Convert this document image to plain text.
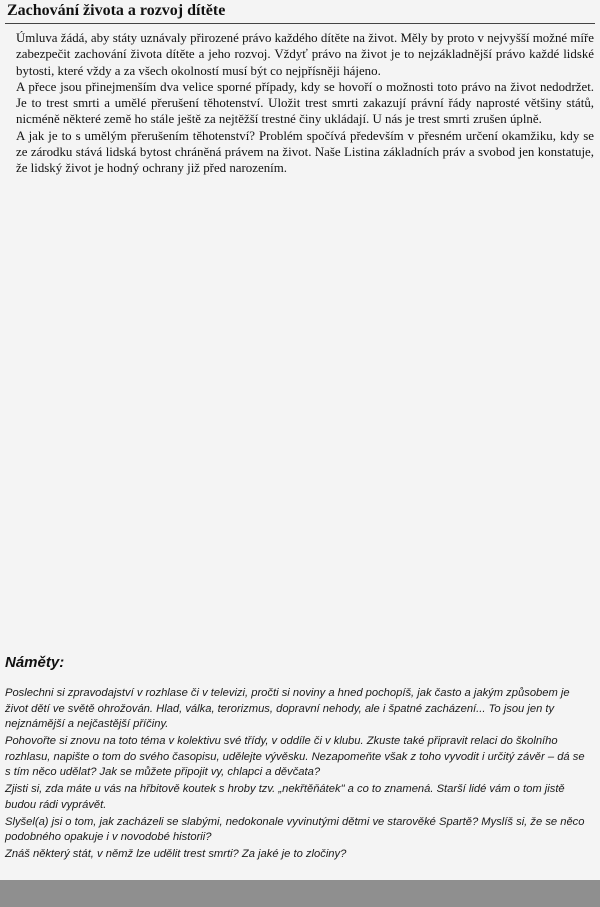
Zachování života a rozvoj dítěte

Úmluva žádá, aby státy uznávaly přirozené právo každého dítěte na život. Měly by proto v nejvyšší možné míře zabezpečit zachování života dítěte a jeho rozvoj. Vždyť právo na život je to nejzákladnější právo každé lidské bytosti, které vždy a za všech okolností musí být co nejpřísněji hájeno.

A přece jsou přinejmenším dva velice sporné případy, kdy se hovoří o možnosti toto právo na život nedodržet. Je to trest smrti a umělé přerušení těhotenství. Uložit trest smrti zakazují právní řády naprosté většiny států, nicméně některé země ho stále ještě za nejtěžší trestné činy ukládají. U nás je trest smrti zrušen úplně.

A jak je to s umělým přerušením těhotenství? Problém spočívá především v přesném určení okamžiku, kdy se ze zárodku stává lidská bytost chráněná právem na život. Naše Listina základních práv a svobod jen konstatuje, že lidský život je hodný ochrany již před narozením.

Náměty:

Poslechni si zpravodajství v rozhlase či v televizi, pročti si noviny a hned pochopíš, jak často a jakým způsobem je život dětí ve světě ohrožován. Hlad, válka, terorizmus, dopravní nehody, ale i špatné zacházení... To jsou jen ty nejznámější a nejčastější příčiny.

Pohovořte si znovu na toto téma v kolektivu své třídy, v oddíle či v klubu. Zkuste také připravit relaci do školního rozhlasu, napište o tom do svého časopisu, udělejte vývěsku. Nezapomeňte však z toho vyvodit i určitý závěr – dá se s tím něco udělat? Jak se můžete připojit vy, chlapci a děvčata?

Zjisti si, zda máte u vás na hřbitově koutek s hroby tzv. „nekřtěňátek" a co to znamená. Starší lidé vám o tom jistě budou rádi vyprávět.

Slyšel(a) jsi o tom, jak zacházeli se slabými, nedokonale vyvinutými dětmi ve starověké Spartě? Myslíš si, že se něco podobného opakuje i v novodobé historii?

Znáš některý stát, v němž lze udělit trest smrti? Za jaké je to zločiny?
